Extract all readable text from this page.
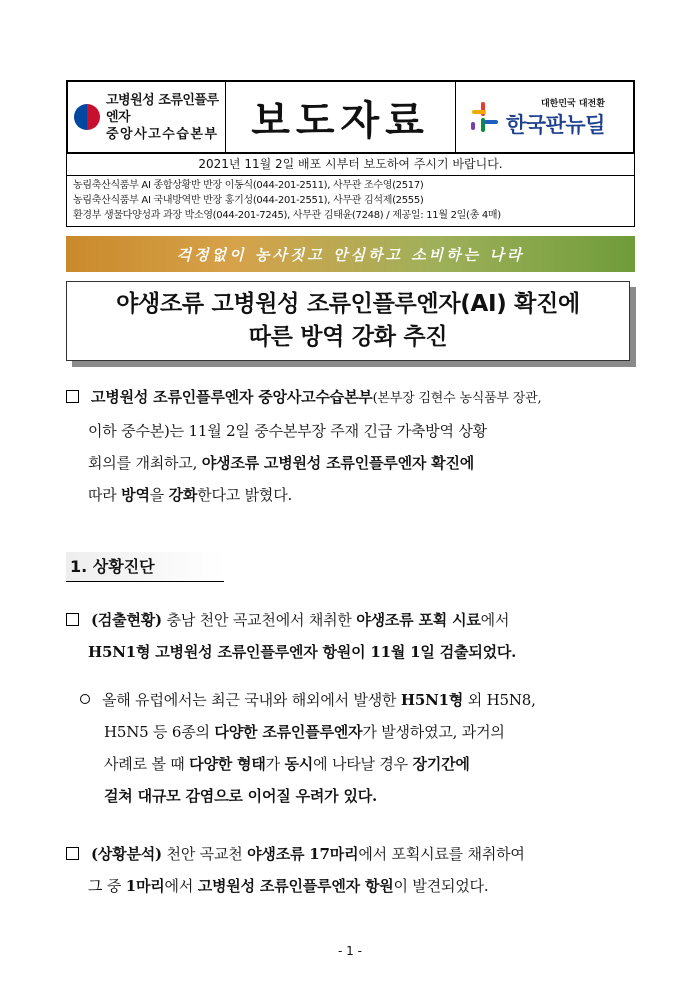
고병원성 조류인플루엔자
중앙사고수습본부 보도자료	대한민국 대전환
한국판뉴딜
2021년 11월 2일 배포 시부터 보도하여 주시기 바랍니다.
농림축산식품부 AI 종합상황반 반장 이동식(044-201-2511), 사무관 조수영(2517)
농림축산식품부 AI 국내방역반 반장 홍기성(044-201-2551), 사무관 김석제(2555)
환경부 생물다양성과 과장 박소영(044-201-7245), 사무관 김태윤(7248) / 제공일: 11월 2일(총 4매)
걱정없이 농사짓고 안심하고 소비하는 나라
야생조류 고병원성 조류인플루엔자(AI) 확진에
따른 방역 강화 추진
고병원성 조류인플루엔자 중앙사고수습본부(본부장 김현수 농식품부 장관,
이하 중수본)는 11월 2일 중수본부장 주재 긴급 가축방역 상황
회의를 개최하고, 야생조류 고병원성 조류인플루엔자 확진에
따라 방역을 강화한다고 밝혔다.
1. 상황진단
(검출현황) 충남 천안 곡교천에서 채취한 야생조류 포획 시료에서
H5N1형 고병원성 조류인플루엔자 항원이 11월 1일 검출되었다.
올해 유럽에서는 최근 국내와 해외에서 발생한 H5N1형 외 H5N8,
H5N5 등 6종의 다양한 조류인플루엔자가 발생하였고, 과거의
사례로 볼 때 다양한 형태가 동시에 나타날 경우 장기간에
걸쳐 대규모 감염으로 이어질 우려가 있다.
(상황분석) 천안 곡교천 야생조류 17마리에서 포획시료를 채취하여
그 중 1마리에서 고병원성 조류인플루엔자 항원이 발견되었다.
- 1 -
